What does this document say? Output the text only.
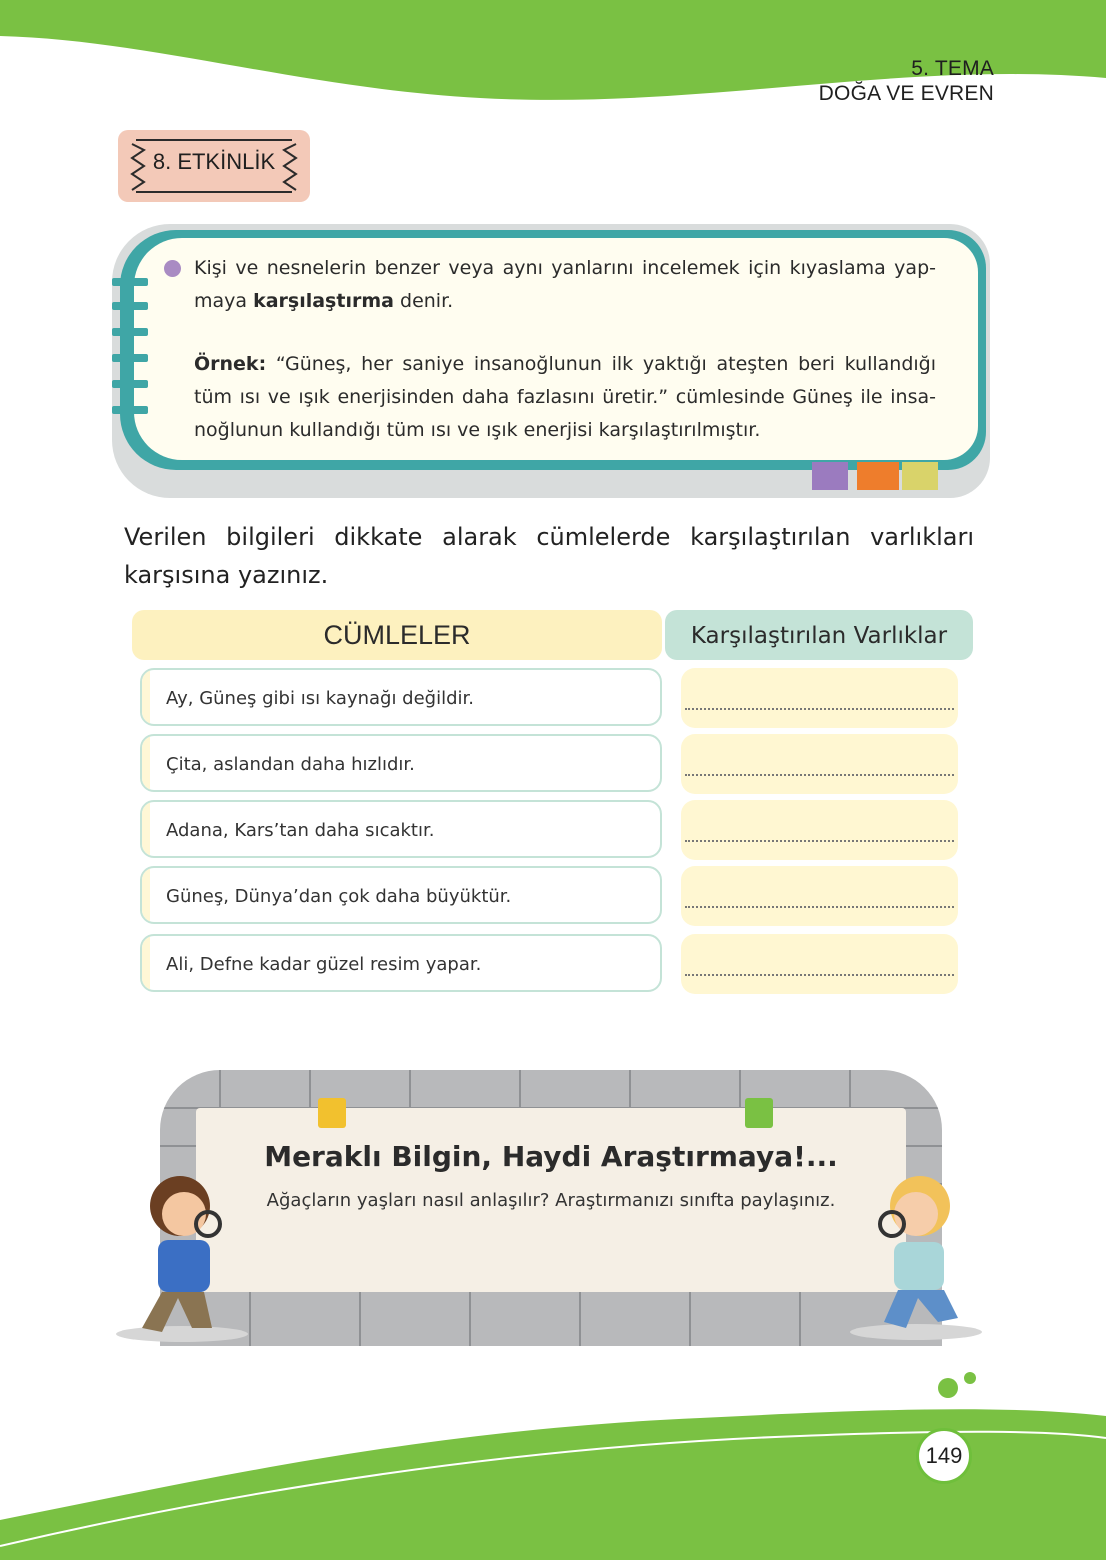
5. TEMA
DOĞA VE EVREN
8. ETKİNLİK
Kişi ve nesnelerin benzer veya aynı yanlarını incelemek için kıyaslama yap-maya karşılaştırma denir.
Örnek: “Güneş, her saniye insanoğlunun ilk yaktığı ateşten beri kullandığı tüm ısı ve ışık enerjisinden daha fazlasını üretir.” cümlesinde Güneş ile insa-noğlunun kullandığı tüm ısı ve ışık enerjisi karşılaştırılmıştır.
Verilen bilgileri dikkate alarak cümlelerde karşılaştırılan varlıkları karşısına yazınız.
CÜMLELER	Karşılaştırılan Varlıklar
Ay, Güneş gibi ısı kaynağı değildir.
Çita, aslandan daha hızlıdır.
Adana, Kars’tan daha sıcaktır.
Güneş, Dünya’dan çok daha büyüktür.
Ali, Defne kadar güzel resim yapar.
Meraklı Bilgin, Haydi Araştırmaya!...
Ağaçların yaşları nasıl anlaşılır? Araştırmanızı sınıfta paylaşınız.
149
